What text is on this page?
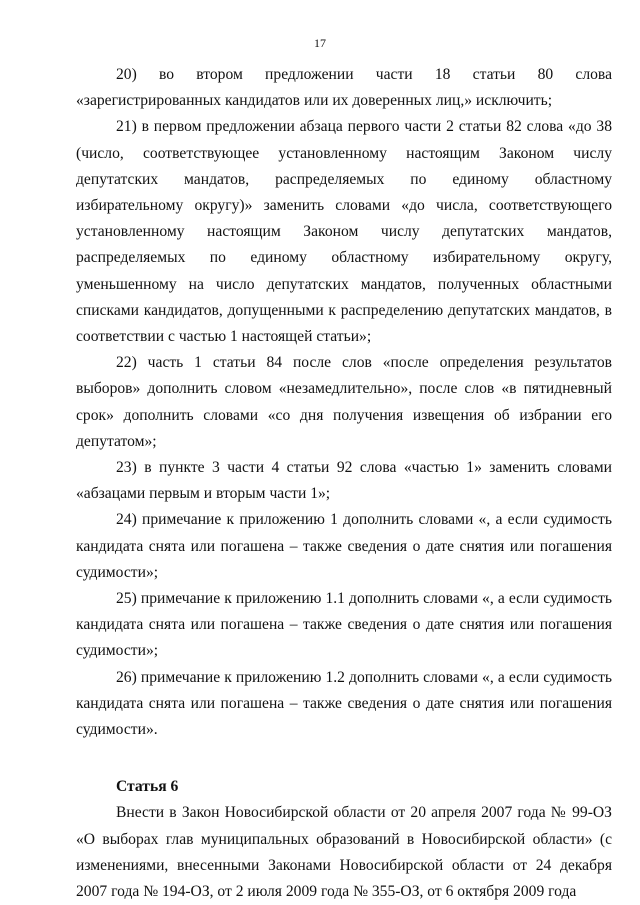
17

20) во втором предложении части 18 статьи 80 слова «зарегистрированных кандидатов или их доверенных лиц,» исключить;

21) в первом предложении абзаца первого части 2 статьи 82 слова «до 38 (число, соответствующее установленному настоящим Законом числу депутатских мандатов, распределяемых по единому областному избирательному округу)» заменить словами «до числа, соответствующего установленному настоящим Законом числу депутатских мандатов, распределяемых по единому областному избирательному округу, уменьшенному на число депутатских мандатов, полученных областными списками кандидатов, допущенными к распределению депутатских мандатов, в соответствии с частью 1 настоящей статьи»;

22) часть 1 статьи 84 после слов «после определения результатов выборов» дополнить словом «незамедлительно», после слов «в пятидневный срок» дополнить словами «со дня получения извещения об избрании его депутатом»;

23) в пункте 3 части 4 статьи 92 слова «частью 1» заменить словами «абзацами первым и вторым части 1»;

24) примечание к приложению 1 дополнить словами «, а если судимость кандидата снята или погашена – также сведения о дате снятия или погашения судимости»;

25) примечание к приложению 1.1 дополнить словами «, а если судимость кандидата снята или погашена – также сведения о дате снятия или погашения судимости»;

26) примечание к приложению 1.2 дополнить словами «, а если судимость кандидата снята или погашена – также сведения о дате снятия или погашения судимости».

Статья 6

Внести в Закон Новосибирской области от 20 апреля 2007 года № 99-ОЗ «О выборах глав муниципальных образований в Новосибирской области» (с изменениями, внесенными Законами Новосибирской области от 24 декабря 2007 года № 194-ОЗ, от 2 июля 2009 года № 355-ОЗ, от 6 октября 2009 года
